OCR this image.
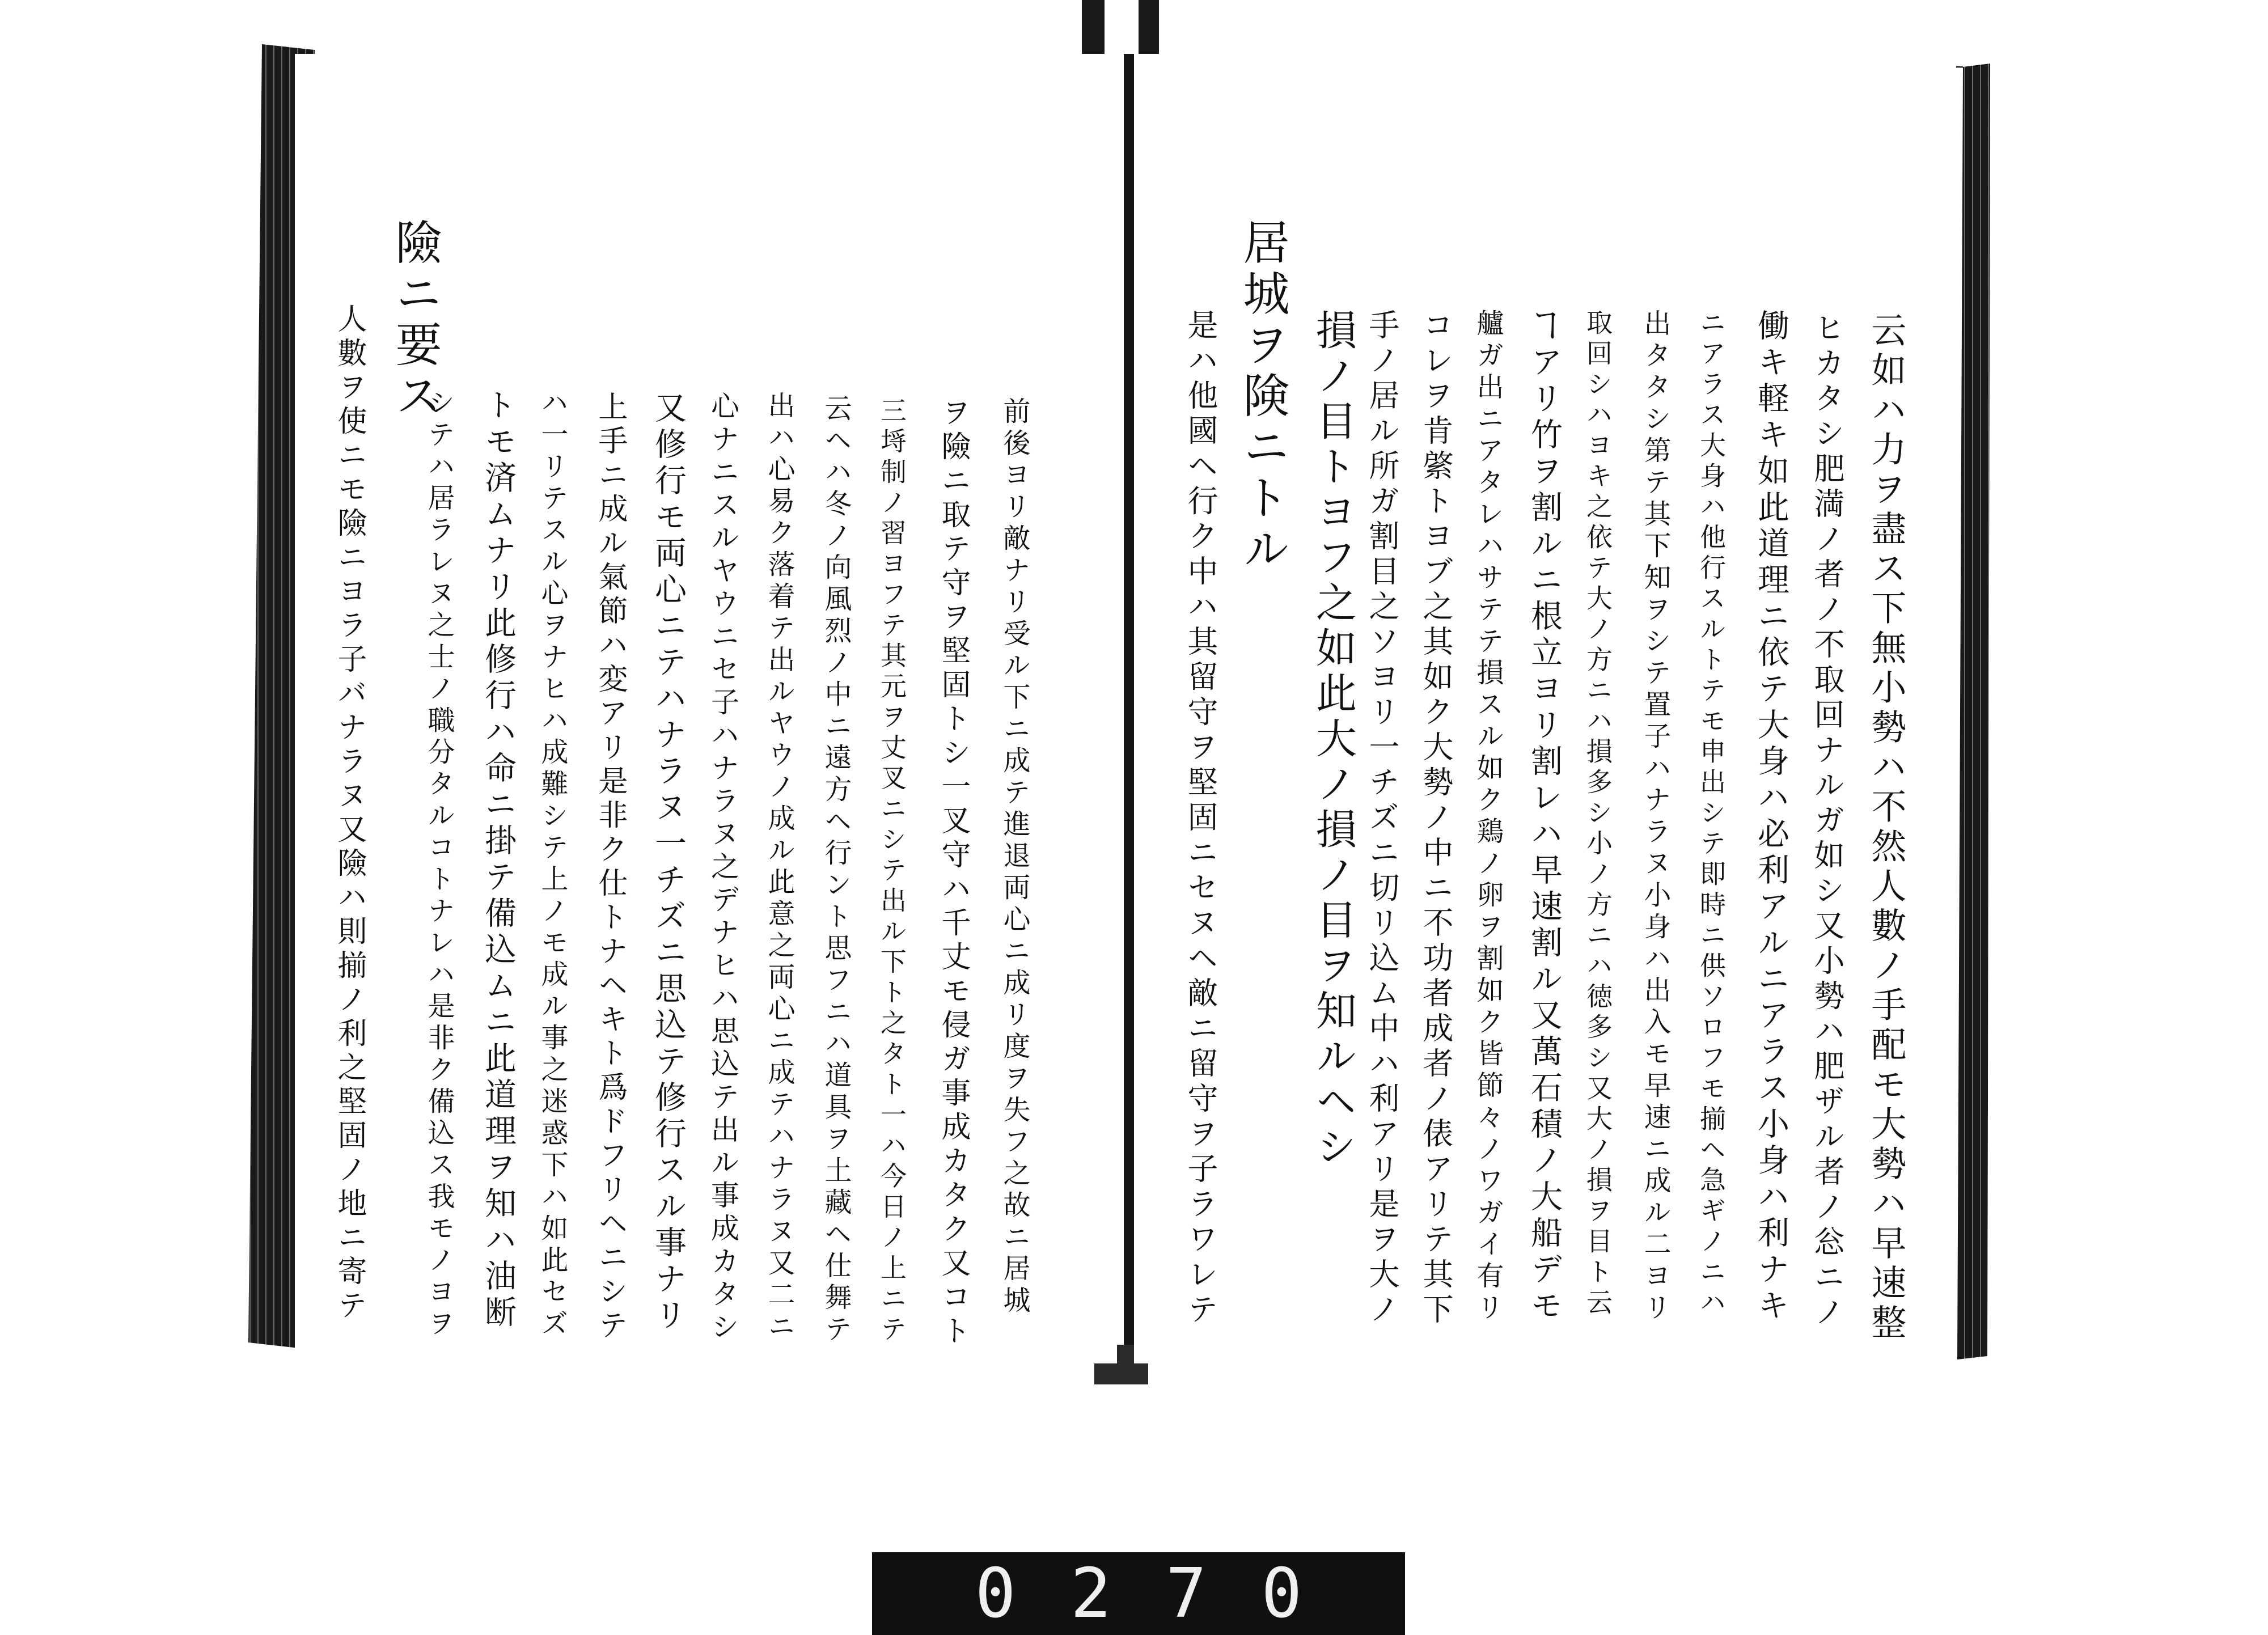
前後ヨリ敵ナリ受ル下ニ成テ進退両心ニ成リ度ヲ失フ之故ニ居城
ヲ險ニ取テ守ヲ堅固トシ一叉守ハ千丈モ侵ガ事成カタク又コト
三埓制ノ習ヨフテ其元ヲ丈叉ニシテ出ル下ト之タト一ハ今日ノ上ニテ
云ヘハ冬ノ向風烈ノ中ニ遠方ヘ行ント思フニハ道具ヲ土藏ヘ仕舞テ
出ハ心易ク落着テ出ルヤウノ成ル此意之両心ニ成テハナラヌ又二ニ
心ナニスルヤウニセ子ハナラヌ之デナヒハ思込テ出ル事成カタシ
又修行モ両心ニテハナラヌ一チズニ思込テ修行スル事ナリ
上手ニ成ル氣節ハ変アリ是非ク仕トナヘキト爲ドフリヘニシテ
ハ一リテスル心ヲナヒハ成難シテ上ノモ成ル事之迷惑下ハ如此セズ
トモ済ムナリ此修行ハ命ニ掛テ備込ムニ此道理ヲ知ハ油断
シテハ居ラレヌ之士ノ職分タルコトナレハ是非ク備込ス我モノヨヲ
險ニ要ス
人數ヲ使ニモ險ニヨラ子バナラヌ又險ハ則揃ノ利之堅固ノ地ニ寄テ	云如ハ力ヲ盡ス下無小勢ハ不然人數ノ手配モ大勢ハ早速整
ヒカタシ肥満ノ者ノ不取回ナルガ如シ又小勢ハ肥ザル者ノ忩ニノ
働キ軽キ如此道理ニ依テ大身ハ必利アルニアラス小身ハ利ナキ
ニアラス大身ハ他行スルトテモ申出シテ即時ニ供ソロフモ揃ヘ急ギノニハ
出タタシ第テ其下知ヲシテ置子ハナラヌ小身ハ出入モ早速ニ成ル二ヨリ
取回シハヨキ之依テ大ノ方ニハ損多シ小ノ方ニハ徳多シ又大ノ損ヲ目ト云
ヿアリ竹ヲ割ルニ根立ヨリ割レハ早速割ル又萬石積ノ大船デモ
艫ガ出ニアタレハサテテ損スル如ク鶏ノ卵ヲ割如ク皆節々ノワガイ有リ
コレヲ肯綮トヨブ之其如ク大勢ノ中ニ不功者成者ノ俵アリテ其下
手ノ居ル所ガ割目之ソヨリ一チズニ切リ込ム中ハ利アリ是ヲ大ノ
損ノ目トヨフ之如此大ノ損ノ目ヲ知ルヘシ
居城ヲ険ニトル
是ハ他國ヘ行ク中ハ其留守ヲ堅固ニセヌヘ敵ニ留守ヲ子ラワレテ
0270
